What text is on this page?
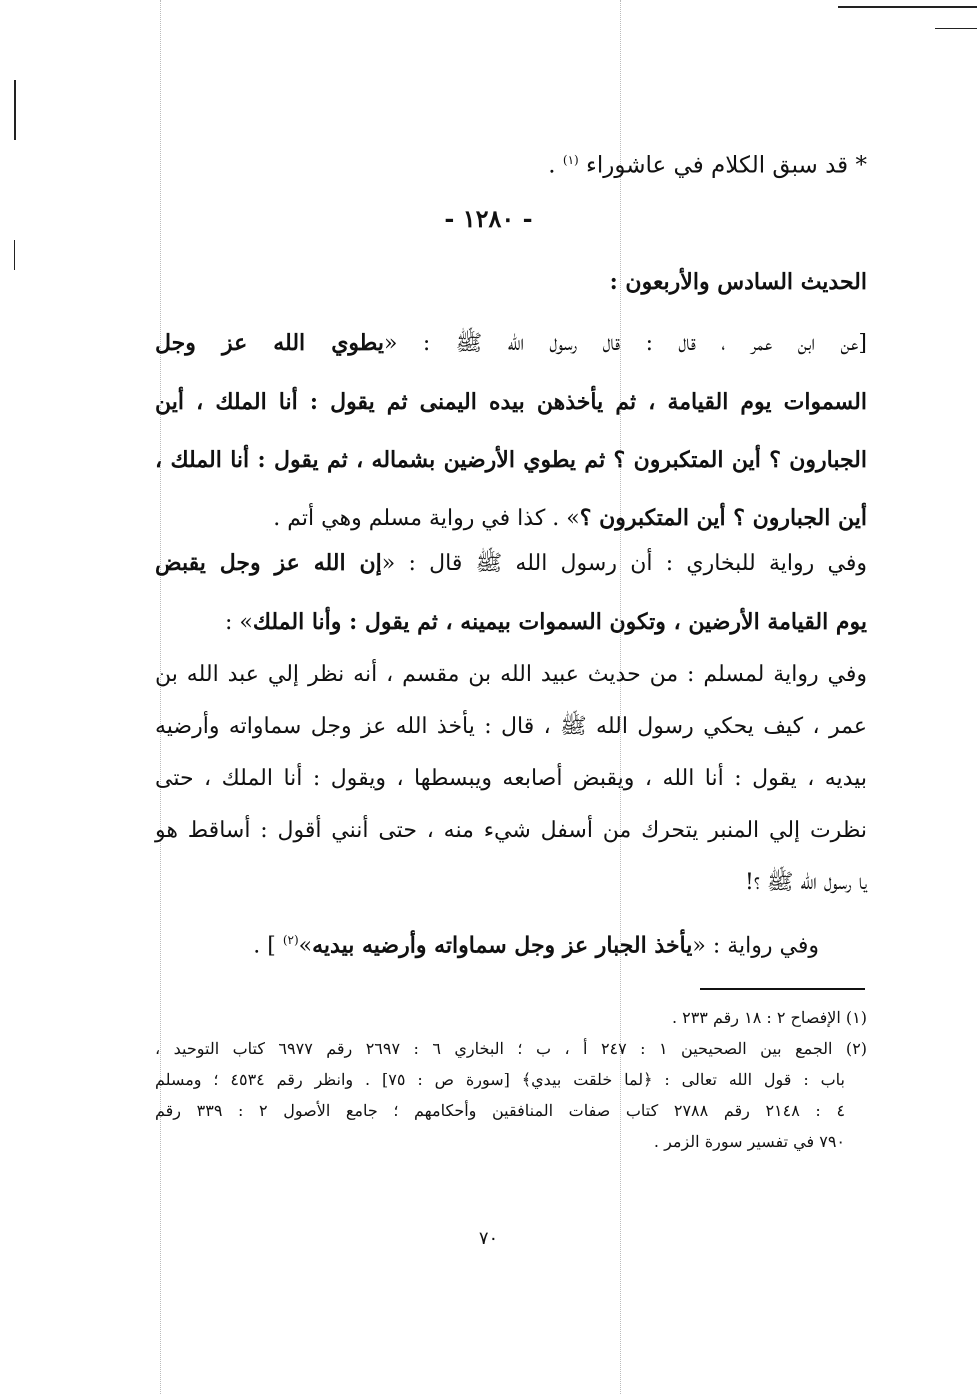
* قد سبق الكلام في عاشوراء $^{(١)}$ .
- ١٢٨٠ -
الحديث السادس والأربعون :
[عن ابن عمر ، قال : قال رسول الله ﷺ : «يطوي الله عز وجل
السموات يوم القيامة ، ثم يأخذهن بيده اليمنى ثم يقول : أنا الملك ، أين
الجبارون ؟ أين المتكبرون ؟ ثم يطوي الأرضين بشماله ، ثم يقول : أنا الملك ،
أين الجبارون ؟ أين المتكبرون ؟» . كذا في رواية مسلم وهي أتم .
وفي رواية للبخاري : أن رسول الله ﷺ قال : «إن الله عز وجل يقبض
يوم القيامة الأرضين ، وتكون السموات بيمينه ، ثم يقول : وأنا الملك» :
وفي رواية لمسلم : من حديث عبيد الله بن مقسم ، أنه نظر إلي عبد الله بن
عمر ، كيف يحكي رسول الله ﷺ ، قال : يأخذ الله عز وجل سماواته وأرضيه
بيديه ، يقول : أنا الله ، ويقبض أصابعه ويبسطها ، ويقول : أنا الملك ، حتى
نظرت إلي المنبر يتحرك من أسفل شيء منه ، حتى أنني أقول : أساقط هو
يا رسول الله ﷺ ؟!
وفي رواية : «يأخذ الجبار عز وجل سماواته وأرضيه بيديه»$^{(٢)}$ ] .
(١) الإفصاح ٢ : ١٨ رقم ٢٣٣ .
(٢) الجمع بين الصحيحين ١ : ٢٤٧ أ ، ب ؛ البخاري ٦ : ٢٦٩٧ رقم ٦٩٧٧ كتاب التوحيد ،
باب : قول الله تعالى : ﴿لما خلقت بيدي﴾ [سورة ص : ٧٥] . وانظر رقم ٤٥٣٤ ؛ ومسلم
٤ : ٢١٤٨ رقم ٢٧٨٨ كتاب صفات المنافقين وأحكامهم ؛ جامع الأصول ٢ : ٣٣٩ رقم
٧٩٠ في تفسير سورة الزمر .
٧٠
